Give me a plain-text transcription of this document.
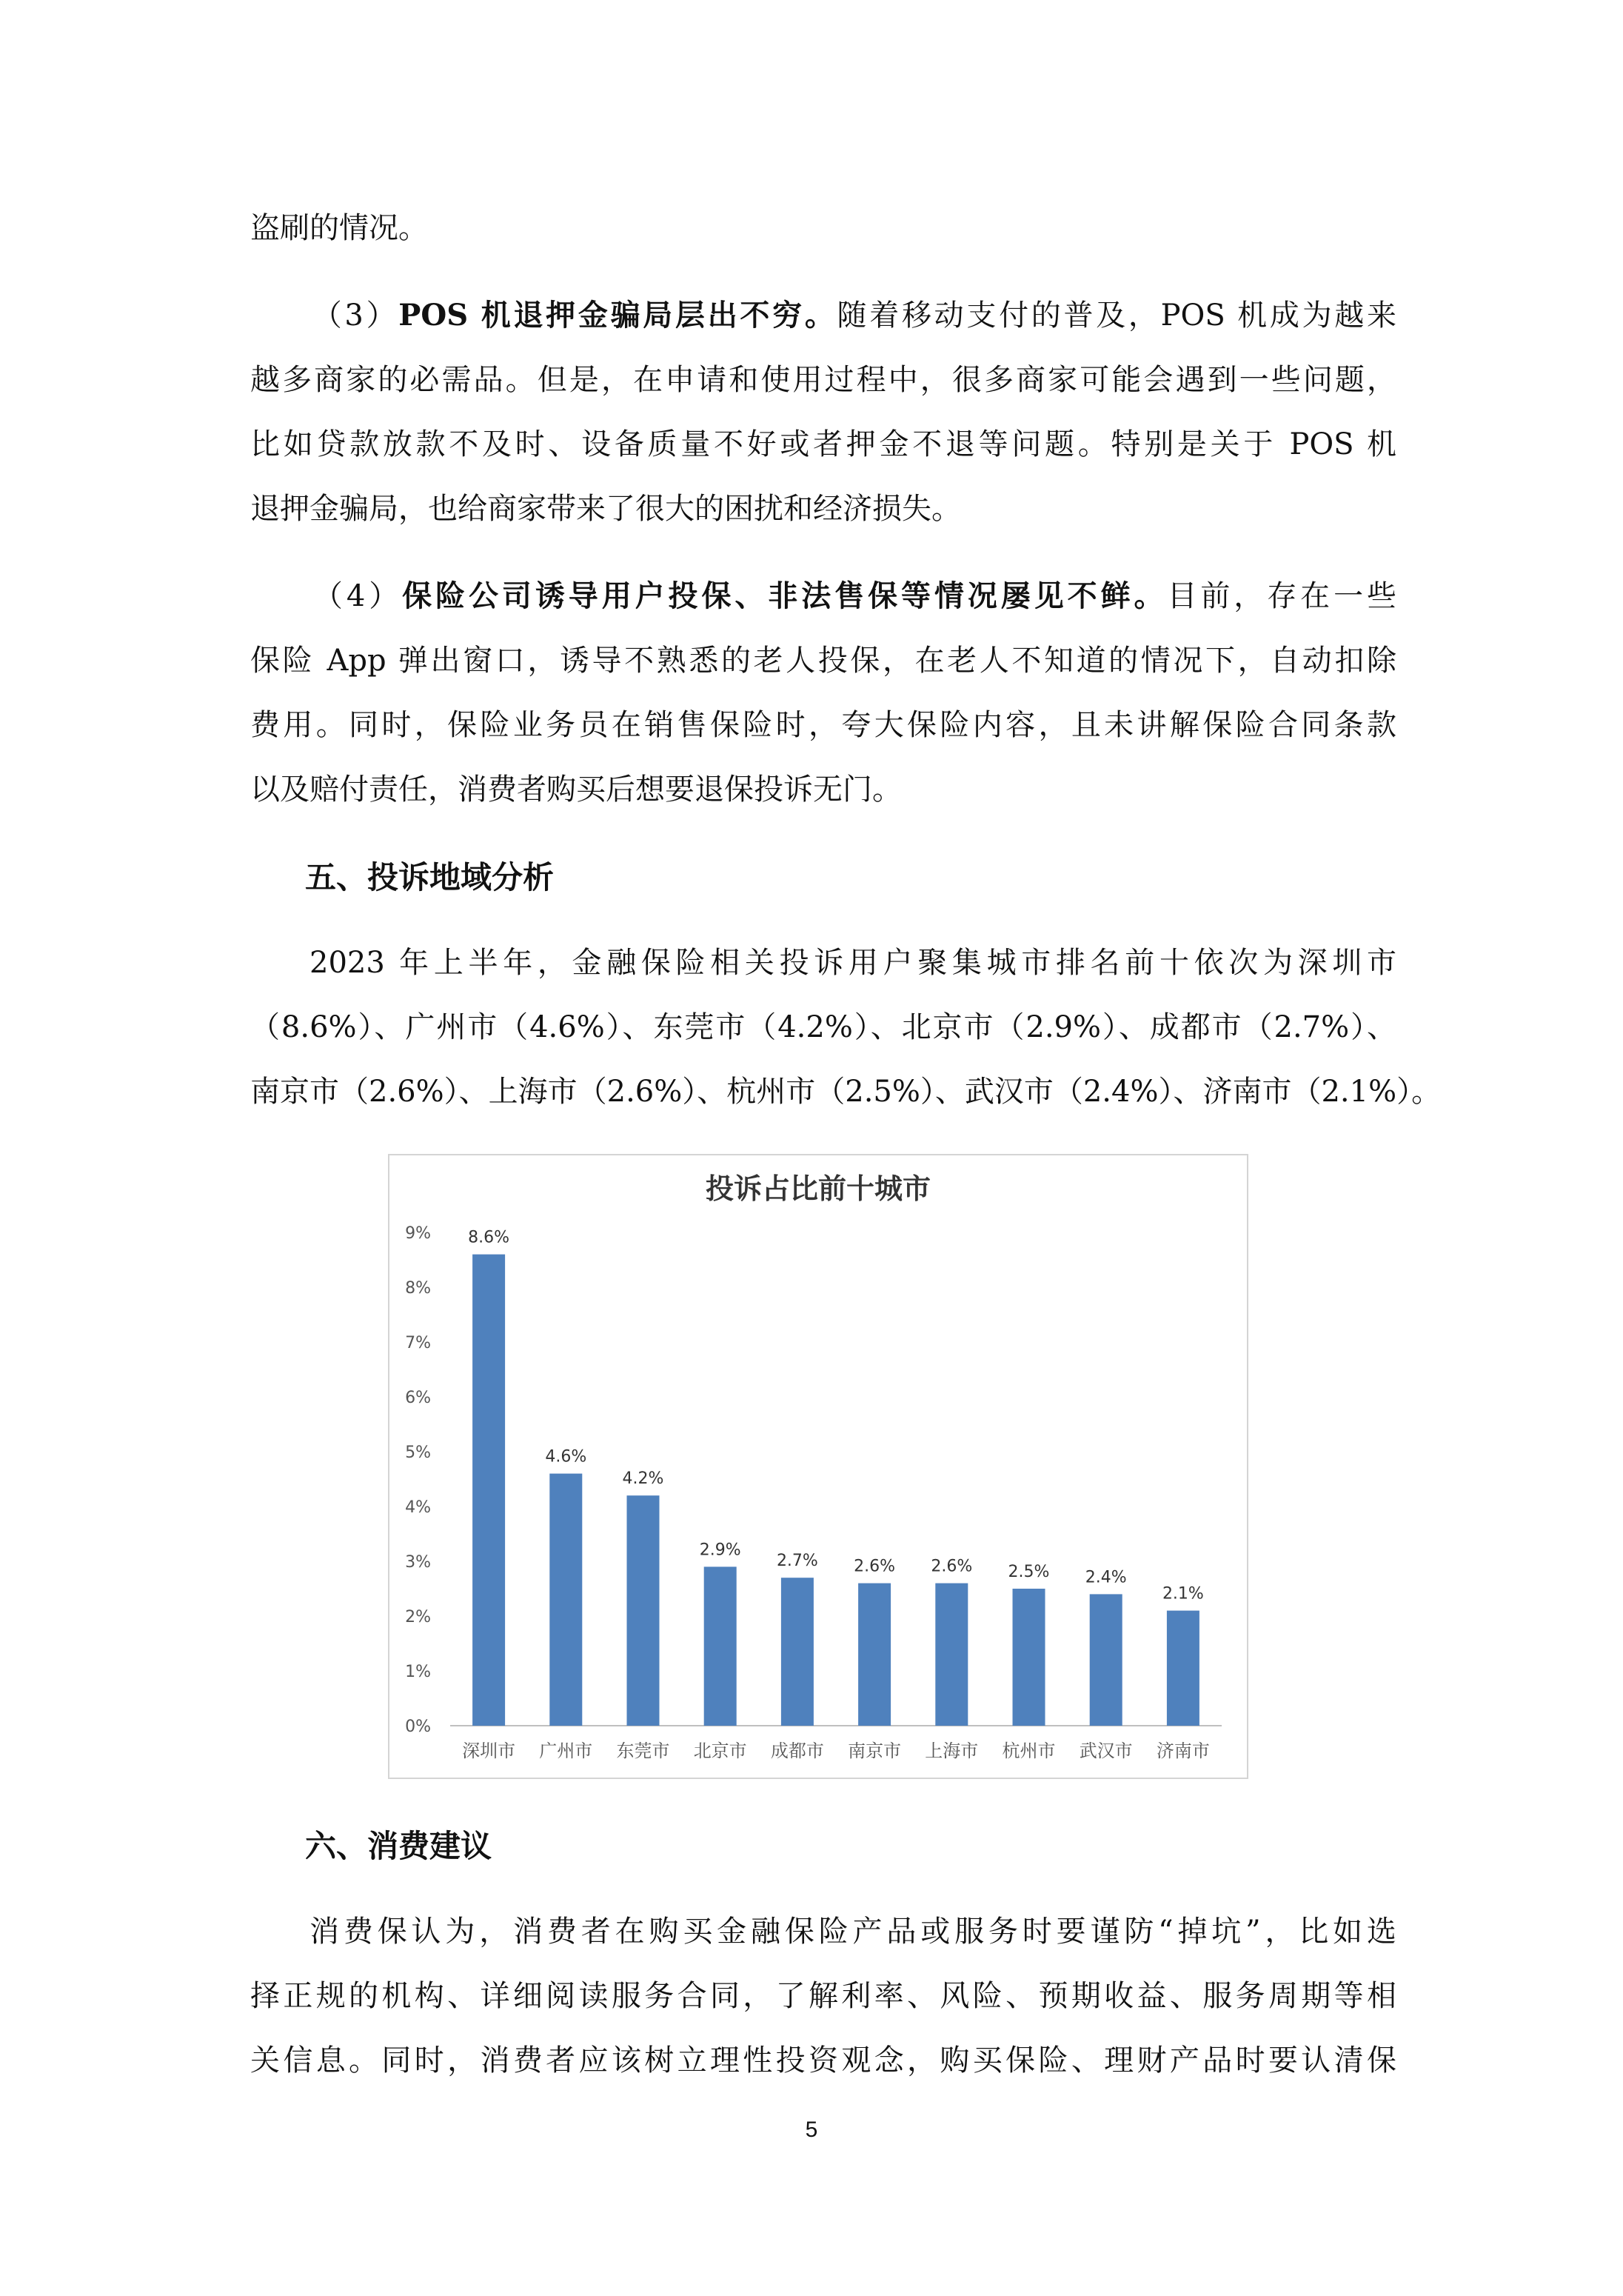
盗刷的情况。
（3）POS 机退押金骗局层出不穷。随着移动支付的普及，POS 机成为越来
越多商家的必需品。但是，在申请和使用过程中，很多商家可能会遇到一些问题，
比如贷款放款不及时、设备质量不好或者押金不退等问题。特别是关于 POS 机
退押金骗局，也给商家带来了很大的困扰和经济损失。
（4）保险公司诱导用户投保、非法售保等情况屡见不鲜。目前，存在一些
保险 App 弹出窗口，诱导不熟悉的老人投保，在老人不知道的情况下，自动扣除
费用。同时，保险业务员在销售保险时，夸大保险内容，且未讲解保险合同条款
以及赔付责任，消费者购买后想要退保投诉无门。
五、投诉地域分析
2023 年上半年，金融保险相关投诉用户聚集城市排名前十依次为深圳市
（8.6%）、广州市（4.6%）、东莞市（4.2%）、北京市（2.9%）、成都市（2.7%）、
南京市（2.6%）、上海市（2.6%）、杭州市（2.5%）、武汉市（2.4%）、济南市（2.1%）。
投诉占比前十城市
0%
1%
2%
3%
4%
5%
6%
7%
8%
9% 8.6%
深圳市
4.6%
广州市
4.2%
东莞市
2.9%
北京市
2.7%
成都市
2.6%
南京市
2.6%
上海市
2.5%
杭州市
2.4%
武汉市
2.1%
济南市
六、消费建议
消费保认为，消费者在购买金融保险产品或服务时要谨防“掉坑”，比如选
择正规的机构、详细阅读服务合同，了解利率、风险、预期收益、服务周期等相
关信息。同时，消费者应该树立理性投资观念，购买保险、理财产品时要认清保
5
